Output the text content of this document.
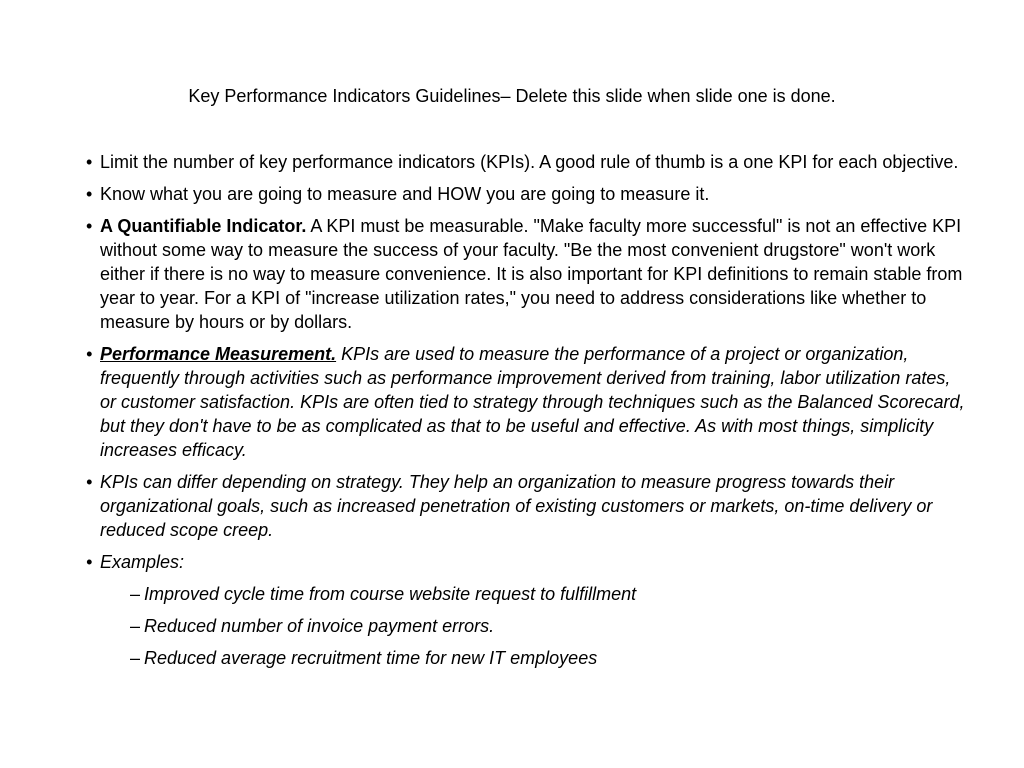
Key Performance Indicators Guidelines– Delete this slide when slide one is done.
• Limit the number of key performance indicators (KPIs). A good rule of thumb is a one KPI for each objective.
• Know what you are going to measure and HOW you are going to measure it.
• A Quantifiable Indicator. A KPI must be measurable. "Make faculty more successful" is not an effective KPI without some way to measure the success of your faculty. "Be the most convenient drugstore" won't work either if there is no way to measure convenience. It is also important for KPI definitions to remain stable from year to year. For a KPI of "increase utilization rates," you need to address considerations like whether to measure by hours or by dollars.
• Performance Measurement. KPIs are used to measure the performance of a project or organization, frequently through activities such as performance improvement derived from training, labor utilization rates, or customer satisfaction. KPIs are often tied to strategy through techniques such as the Balanced Scorecard, but they don't have to be as complicated as that to be useful and effective. As with most things, simplicity increases efficacy.
• KPIs can differ depending on strategy. They help an organization to measure progress towards their organizational goals, such as increased penetration of existing customers or markets, on-time delivery or reduced scope creep.
• Examples:
– Improved cycle time from course website request to fulfillment
– Reduced number of invoice payment errors.
– Reduced average recruitment time for new IT employees
